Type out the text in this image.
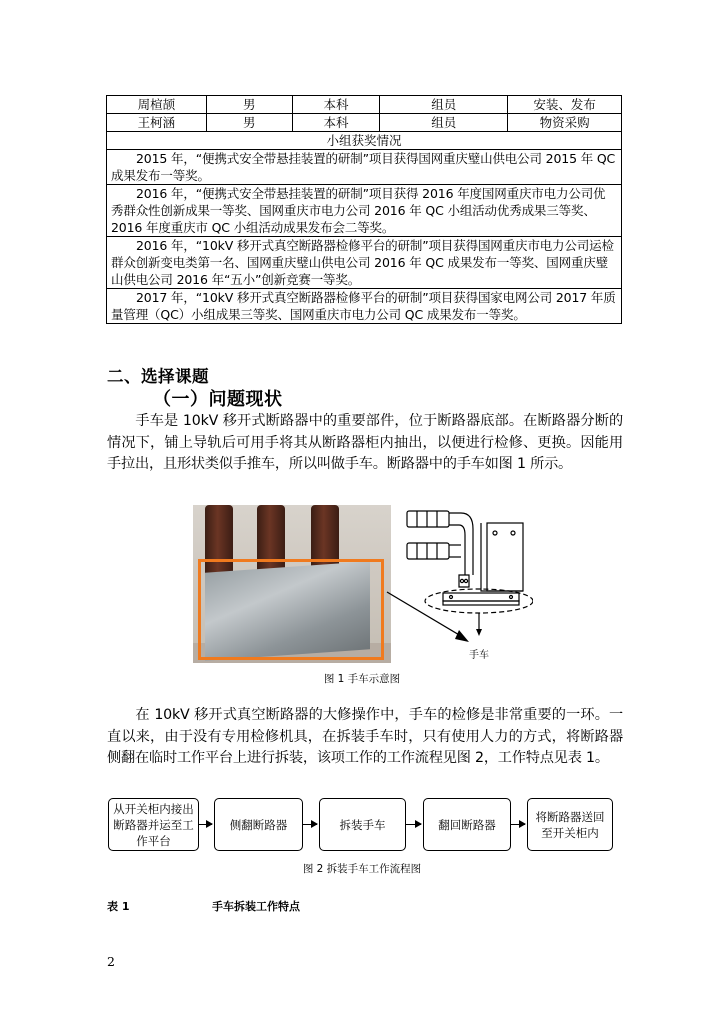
周楦颉	男	本科	组员	安装、发布
王柯涵	男	本科	组员	物资采购
小组获奖情况				
2015 年，“便携式安全带悬挂装置的研制”项目获得国网重庆璧山供电公司 2015 年 QC 成果发布一等奖。				
2016 年，“便携式安全带悬挂装置的研制”项目获得 2016 年度国网重庆市电力公司优秀群众性创新成果一等奖、国网重庆市电力公司 2016 年 QC 小组活动优秀成果三等奖、2016 年度重庆市 QC 小组活动成果发布会二等奖。				
2016 年，“10kV 移开式真空断路器检修平台的研制”项目获得国网重庆市电力公司运检群众创新变电类第一名、国网重庆璧山供电公司 2016 年 QC 成果发布一等奖、国网重庆璧山供电公司 2016 年“五小”创新竞赛一等奖。				
2017 年，“10kV 移开式真空断路器检修平台的研制”项目获得国家电网公司 2017 年质量管理（QC）小组成果三等奖、国网重庆市电力公司 QC 成果发布一等奖。				
二、选择课题
（一）问题现状

手车是 10kV 移开式断路器中的重要部件，位于断路器底部。在断路器分断的情况下，铺上导轨后可用手将其从断路器柜内抽出，以便进行检修、更换。因能用手拉出，且形状类似手推车，所以叫做手车。断路器中的手车如图 1 所示。

手车
图 1 手车示意图

在 10kV 移开式真空断路器的大修操作中，手车的检修是非常重要的一环。一直以来，由于没有专用检修机具，在拆装手车时，只有使用人力的方式，将断路器侧翻在临时工作平台上进行拆装，该项工作的工作流程见图 2，工作特点见表 1。

从开关柜内接出断路器并运至工作平台
侧翻断路器	拆装手车	翻回断路器
将断路器送回至开关柜内
图 2 拆装手车工作流程图
表 1	手车拆装工作特点
2
